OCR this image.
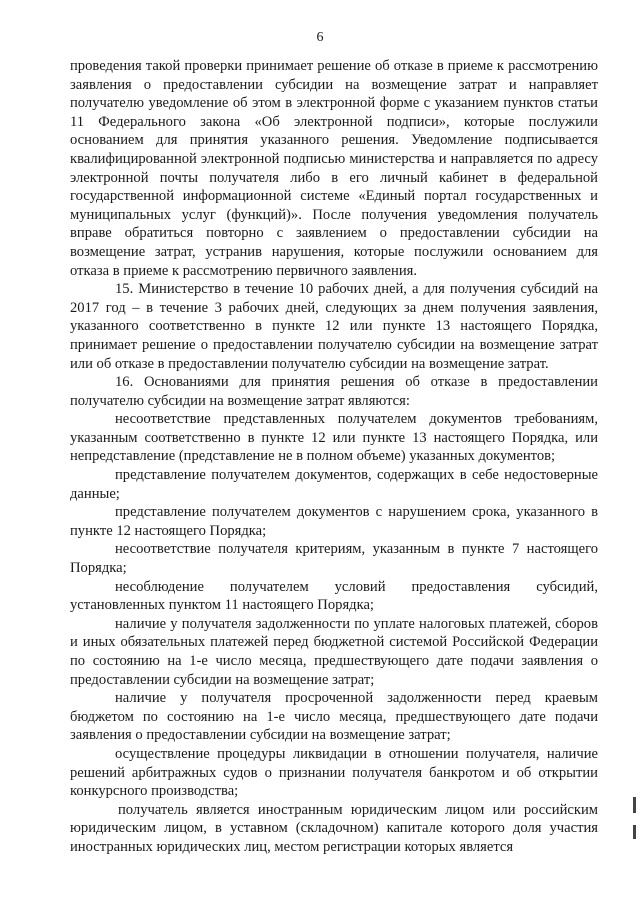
6

проведения такой проверки принимает решение об отказе в приеме к рассмотрению заявления о предоставлении субсидии на возмещение затрат и направляет получателю уведомление об этом в электронной форме с указанием пунктов статьи 11 Федерального закона «Об электронной подписи», которые послужили основанием для принятия указанного решения. Уведомление подписывается квалифицированной электронной подписью министерства и направляется по адресу электронной почты получателя либо в его личный кабинет в федеральной государственной информационной системе «Единый портал государственных и муниципальных услуг (функций)». После получения уведомления получатель вправе обратиться повторно с заявлением о предоставлении субсидии на возмещение затрат, устранив нарушения, которые послужили основанием для отказа в приеме к рассмотрению первичного заявления.

15. Министерство в течение 10 рабочих дней, а для получения субсидий на 2017 год – в течение 3 рабочих дней, следующих за днем получения заявления, указанного соответственно в пункте 12 или пункте 13 настоящего Порядка, принимает решение о предоставлении получателю субсидии на возмещение затрат или об отказе в предоставлении получателю субсидии на возмещение затрат.

16. Основаниями для принятия решения об отказе в предоставлении получателю субсидии на возмещение затрат являются:

несоответствие представленных получателем документов требованиям, указанным соответственно в пункте 12 или пункте 13 настоящего Порядка, или непредставление (представление не в полном объеме) указанных документов;

представление получателем документов, содержащих в себе недостоверные данные;

представление получателем документов с нарушением срока, указанного в пункте 12 настоящего Порядка;

несоответствие получателя критериям, указанным в пункте 7 настоящего Порядка;

несоблюдение получателем условий предоставления субсидий, установленных пунктом 11 настоящего Порядка;

наличие у получателя задолженности по уплате налоговых платежей, сборов и иных обязательных платежей перед бюджетной системой Российской Федерации по состоянию на 1-е число месяца, предшествующего дате подачи заявления о предоставлении субсидии на возмещение затрат;

наличие у получателя просроченной задолженности перед краевым бюджетом по состоянию на 1-е число месяца, предшествующего дате подачи заявления о предоставлении субсидии на возмещение затрат;

осуществление процедуры ликвидации в отношении получателя, наличие решений арбитражных судов о признании получателя банкротом и об открытии конкурсного производства;

получатель является иностранным юридическим лицом или российским юридическим лицом, в уставном (складочном) капитале которого доля участия иностранных юридических лиц, местом регистрации которых является
